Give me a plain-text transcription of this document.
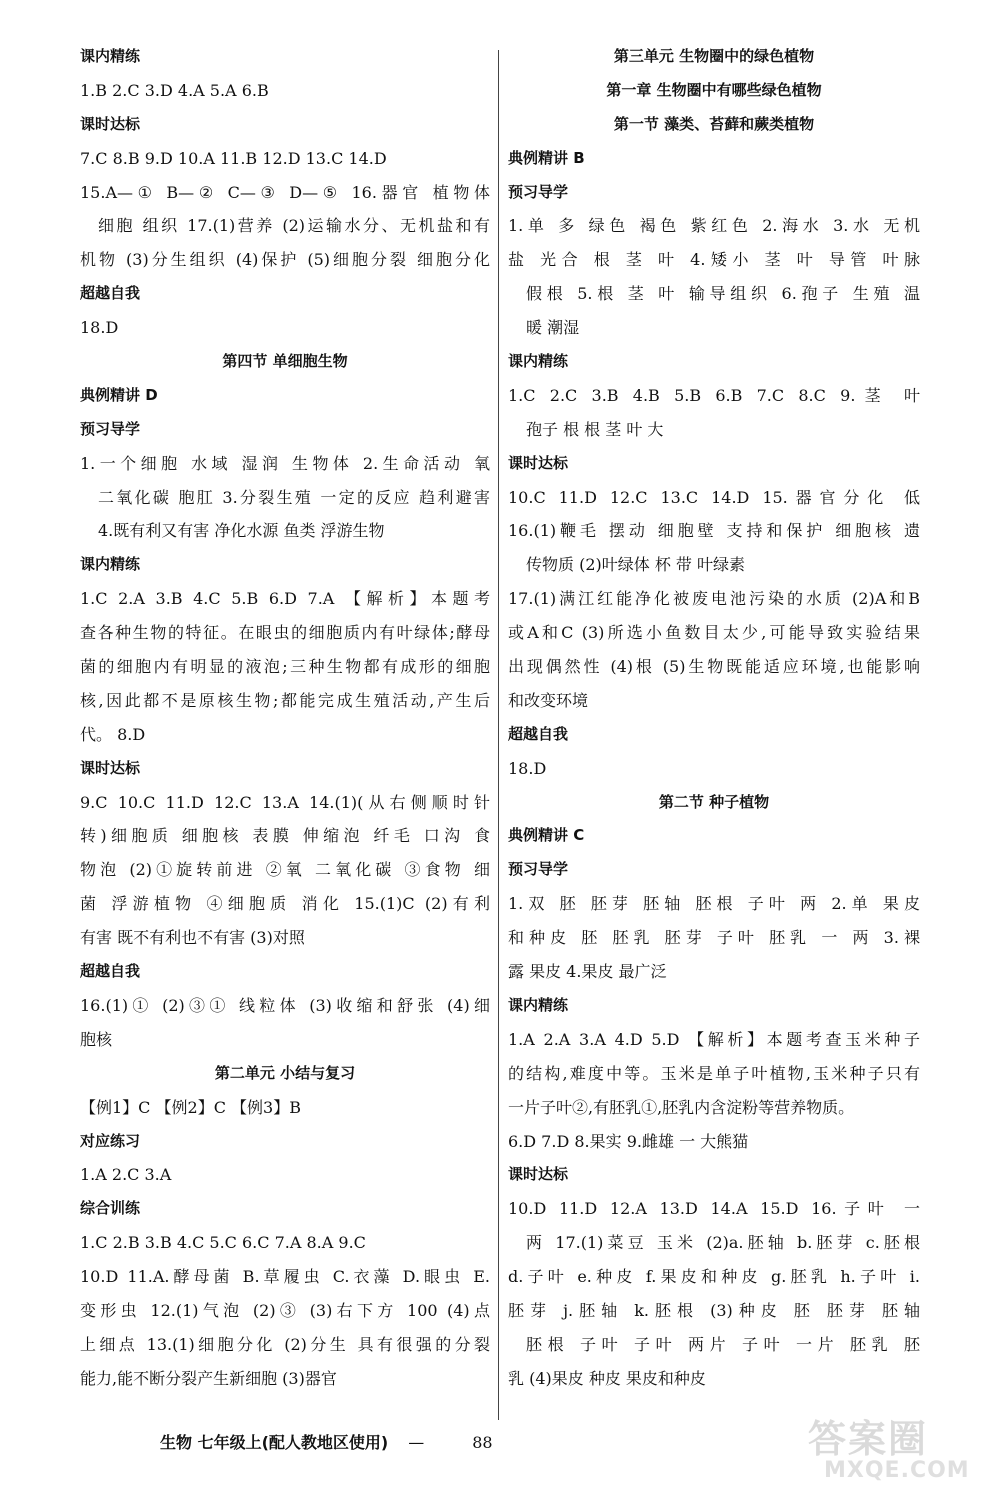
课内精练
1.B 2.C 3.D 4.A 5.A 6.B
课时达标
7.C 8.B 9.D 10.A 11.B 12.D 13.C 14.D
15.A—① B—② C—③ D—⑤ 16.器官 植物体
细胞 组织 17.(1)营养 (2)运输水分、无机盐和有
机物 (3)分生组织 (4)保护 (5)细胞分裂 细胞分化
超越自我
18.D
第四节 单细胞生物
典例精讲 D
预习导学
1.一个细胞 水域 湿润 生物体 2.生命活动 氧
二氧化碳 胞肛 3.分裂生殖 一定的反应 趋利避害
4.既有利又有害 净化水源 鱼类 浮游生物
课内精练
1.C 2.A 3.B 4.C 5.B 6.D 7.A 【解析】本题考
查各种生物的特征。在眼虫的细胞质内有叶绿体;酵母
菌的细胞内有明显的液泡;三种生物都有成形的细胞
核,因此都不是原核生物;都能完成生殖活动,产生后
代。 8.D
课时达标
9.C 10.C 11.D 12.C 13.A 14.(1)(从右侧顺时针
转)细胞质 细胞核 表膜 伸缩泡 纤毛 口沟 食
物泡 (2)①旋转前进 ②氧 二氧化碳 ③食物 细
菌 浮游植物 ④细胞质 消化 15.(1)C (2)有利
有害 既不有利也不有害 (3)对照
超越自我
16.(1)① (2)③① 线粒体 (3)收缩和舒张 (4)细
胞核
第二单元 小结与复习
【例1】C 【例2】C 【例3】B
对应练习
1.A 2.C 3.A
综合训练
1.C 2.B 3.B 4.C 5.C 6.C 7.A 8.A 9.C
10.D 11.A.酵母菌 B.草履虫 C.衣藻 D.眼虫 E.
变形虫 12.(1)气泡 (2)③ (3)右下方 100 (4)点
上细点 13.(1)细胞分化 (2)分生 具有很强的分裂
能力,能不断分裂产生新细胞 (3)器官
第三单元 生物圈中的绿色植物
第一章 生物圈中有哪些绿色植物
第一节 藻类、苔藓和蕨类植物
典例精讲 B
预习导学
1.单 多 绿色 褐色 紫红色 2.海水 3.水 无机
盐 光合 根 茎 叶 4.矮小 茎 叶 导管 叶脉
假根 5.根 茎 叶 输导组织 6.孢子 生殖 温
暖 潮湿
课内精练
1.C 2.C 3.B 4.B 5.B 6.B 7.C 8.C 9.茎 叶
孢子 根 根 茎 叶 大
课时达标
10.C 11.D 12.C 13.C 14.D 15.器官分化 低
16.(1)鞭毛 摆动 细胞壁 支持和保护 细胞核 遗
传物质 (2)叶绿体 杯 带 叶绿素
17.(1)满江红能净化被废电池污染的水质 (2)A和B
或A和C (3)所选小鱼数目太少,可能导致实验结果
出现偶然性 (4)根 (5)生物既能适应环境,也能影响
和改变环境
超越自我
18.D
第二节 种子植物
典例精讲 C
预习导学
1.双 胚 胚芽 胚轴 胚根 子叶 两 2.单 果皮
和种皮 胚 胚乳 胚芽 子叶 胚乳 一 两 3.裸
露 果皮 4.果皮 最广泛
课内精练
1.A 2.A 3.A 4.D 5.D 【解析】本题考查玉米种子
的结构,难度中等。玉米是单子叶植物,玉米种子只有
一片子叶②,有胚乳①,胚乳内含淀粉等营养物质。
6.D 7.D 8.果实 9.雌雄 一 大熊猫
课时达标
10.D 11.D 12.A 13.D 14.A 15.D 16.子叶 一
两 17.(1)菜豆 玉米 (2)a.胚轴 b.胚芽 c.胚根
d.子叶 e.种皮 f.果皮和种皮 g.胚乳 h.子叶 i.
胚芽 j.胚轴 k.胚根 (3)种皮 胚 胚芽 胚轴
胚根 子叶 子叶 两片 子叶 一片 胚乳 胚
乳 (4)果皮 种皮 果皮和种皮
生物 七年级上(配人教地区使用) —	88	答案圈
MXQE.COM
